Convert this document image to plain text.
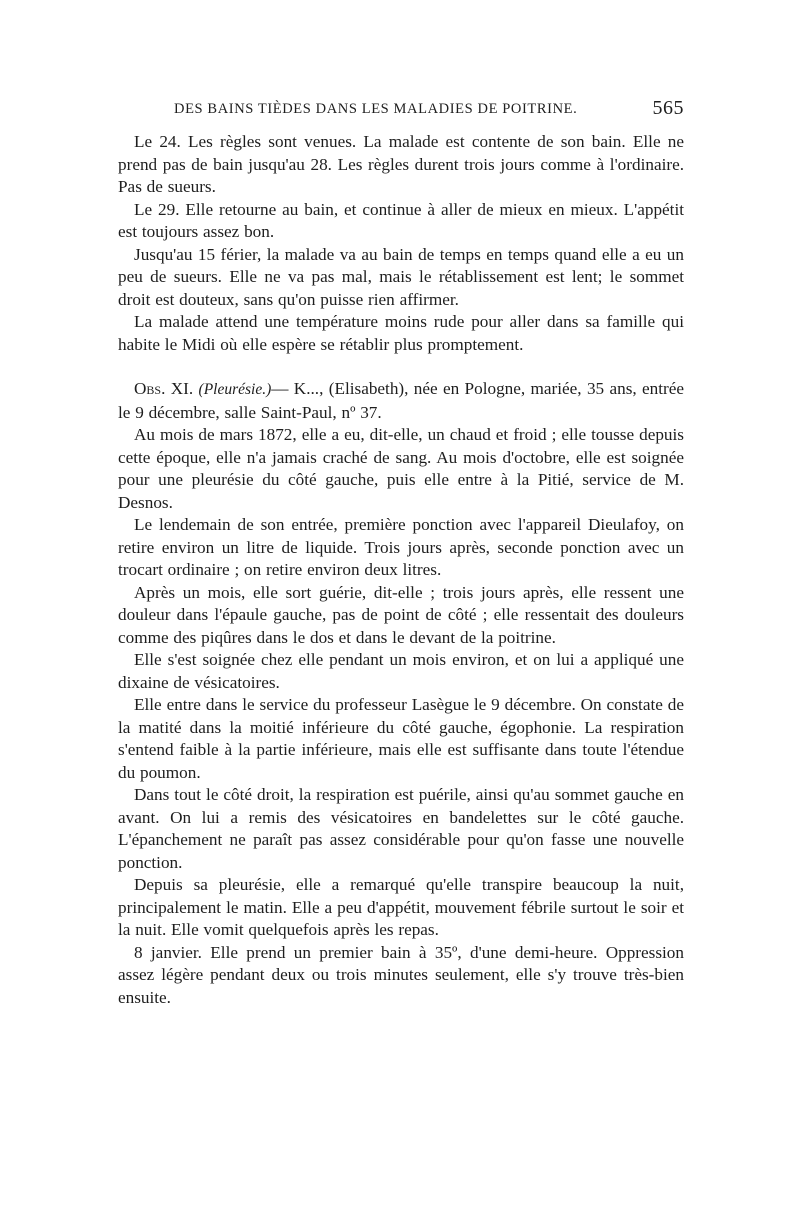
DES BAINS TIÈDES DANS LES MALADIES DE POITRINE.	565

Le 24. Les règles sont venues. La malade est contente de son bain. Elle ne prend pas de bain jusqu'au 28. Les règles durent trois jours comme à l'ordinaire. Pas de sueurs.

Le 29. Elle retourne au bain, et continue à aller de mieux en mieux. L'appétit est toujours assez bon.

Jusqu'au 15 férier, la malade va au bain de temps en temps quand elle a eu un peu de sueurs. Elle ne va pas mal, mais le rétablissement est lent; le sommet droit est douteux, sans qu'on puisse rien affirmer.

La malade attend une température moins rude pour aller dans sa famille qui habite le Midi où elle espère se rétablir plus promptement.

Obs. XI. (Pleurésie.)— K..., (Elisabeth), née en Pologne, mariée, 35 ans, entrée le 9 décembre, salle Saint-Paul, nº 37.

Au mois de mars 1872, elle a eu, dit-elle, un chaud et froid ; elle tousse depuis cette époque, elle n'a jamais craché de sang. Au mois d'octobre, elle est soignée pour une pleurésie du côté gauche, puis elle entre à la Pitié, service de M. Desnos.

Le lendemain de son entrée, première ponction avec l'appareil Dieulafoy, on retire environ un litre de liquide. Trois jours après, seconde ponction avec un trocart ordinaire ; on retire environ deux litres.

Après un mois, elle sort guérie, dit-elle ; trois jours après, elle ressent une douleur dans l'épaule gauche, pas de point de côté ; elle ressentait des douleurs comme des piqûres dans le dos et dans le devant de la poitrine.

Elle s'est soignée chez elle pendant un mois environ, et on lui a appliqué une dixaine de vésicatoires.

Elle entre dans le service du professeur Lasègue le 9 décembre. On constate de la matité dans la moitié inférieure du côté gauche, égophonie. La respiration s'entend faible à la partie inférieure, mais elle est suffisante dans toute l'étendue du poumon.

Dans tout le côté droit, la respiration est puérile, ainsi qu'au sommet gauche en avant. On lui a remis des vésicatoires en bandelettes sur le côté gauche. L'épanchement ne paraît pas assez considérable pour qu'on fasse une nouvelle ponction.

Depuis sa pleurésie, elle a remarqué qu'elle transpire beaucoup la nuit, principalement le matin. Elle a peu d'appétit, mouvement fébrile surtout le soir et la nuit. Elle vomit quelquefois après les repas.

8 janvier. Elle prend un premier bain à 35º, d'une demi-heure. Oppression assez légère pendant deux ou trois minutes seulement, elle s'y trouve très-bien ensuite.
